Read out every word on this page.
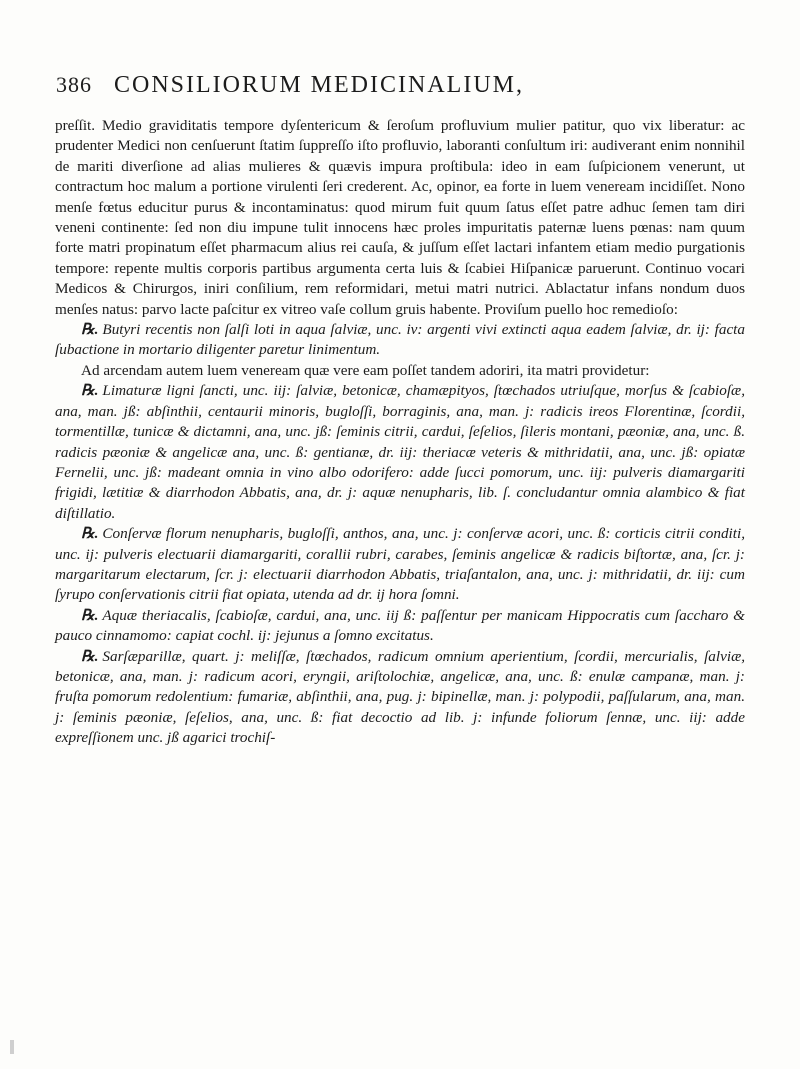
386 CONSILIORUM MEDICINALIUM,

preſſit. Medio graviditatis tempore dyſentericum & ſeroſum profluvium mulier patitur, quo vix liberatur: ac prudenter Medici non cenſuerunt ſtatim ſuppreſſo iſto profluvio, laboranti conſultum iri: audiverant enim nonnihil de mariti diverſione ad alias mulieres & quævis impura proſtibula: ideo in eam ſuſpicionem venerunt, ut contractum hoc malum a portione virulenti ſeri crederent. Ac, opinor, ea forte in luem veneream incidiſſet. Nono menſe fœtus educitur purus & incontaminatus: quod mirum fuit quum ſatus eſſet patre adhuc ſemen tam diri veneni continente: ſed non diu impune tulit innocens hæc proles impuritatis paternæ luens pœnas: nam quum forte matri propinatum eſſet pharmacum alius rei cauſa, & juſſum eſſet lactari infantem etiam medio purgationis tempore: repente multis corporis partibus argumenta certa luis & ſcabiei Hiſpanicæ paruerunt. Continuo vocari Medicos & Chirurgos, iniri conſilium, rem reformidari, metui matri nutrici. Ablactatur infans nondum duos menſes natus: parvo lacte paſcitur ex vitreo vaſe collum gruis habente. Proviſum puello hoc remedioſo:

℞. Butyri recentis non ſalſi loti in aqua ſalviæ, unc. iv: argenti vivi extincti aqua eadem ſalviæ, dr. ij: facta ſubactione in mortario diligenter paretur linimentum.

Ad arcendam autem luem veneream quæ vere eam poſſet tandem adoriri, ita matri providetur:

℞. Limaturæ ligni ſancti, unc. iij: ſalviæ, betonicæ, chamæpityos, ſtœchados utriuſque, morſus & ſcabioſæ, ana, man. jß: abſinthii, centaurii minoris, bugloſſi, borraginis, ana, man. j: radicis ireos Florentinæ, ſcordii, tormentillæ, tunicæ & dictamni, ana, unc. jß: ſeminis citrii, cardui, ſeſelios, ſileris montani, pæoniæ, ana, unc. ß. radicis pæoniæ & angelicæ ana, unc. ß: gentianæ, dr. iij: theriacæ veteris & mithridatii, ana, unc. jß: opiatæ Fernelii, unc. jß: madeant omnia in vino albo odorifero: adde ſucci pomorum, unc. iij: pulveris diamargariti frigidi, lætitiæ & diarrhodon Abbatis, ana, dr. j: aquæ nenupharis, lib. ſ. concludantur omnia alambico & fiat diſtillatio.

℞. Conſervæ florum nenupharis, bugloſſi, anthos, ana, unc. j: conſervæ acori, unc. ß: corticis citrii conditi, unc. ij: pulveris electuarii diamargariti, corallii rubri, carabes, ſeminis angelicæ & radicis biſtortæ, ana, ſcr. j: margaritarum electarum, ſcr. j: electuarii diarrhodon Abbatis, triaſantalon, ana, unc. j: mithridatii, dr. iij: cum ſyrupo conſervationis citrii fiat opiata, utenda ad dr. ij hora ſomni.

℞. Aquæ theriacalis, ſcabioſæ, cardui, ana, unc. iij ß: paſſentur per manicam Hippocratis cum ſaccharo & pauco cinnamomo: capiat cochl. ij: jejunus a ſomno excitatus.

℞. Sarſæparillæ, quart. j: meliſſæ, ſtœchados, radicum omnium aperientium, ſcordii, mercurialis, ſalviæ, betonicæ, ana, man. j: radicum acori, eryngii, ariſtolochiæ, angelicæ, ana, unc. ß: enulæ campanæ, man. j: fruſta pomorum redolentium: fumariæ, abſinthii, ana, pug. j: bipinellæ, man. j: polypodii, paſſularum, ana, man. j: ſeminis pæoniæ, ſeſelios, ana, unc. ß: fiat decoctio ad lib. j: infunde foliorum ſennæ, unc. iij: adde expreſſionem unc. jß agarici trochiſ-
